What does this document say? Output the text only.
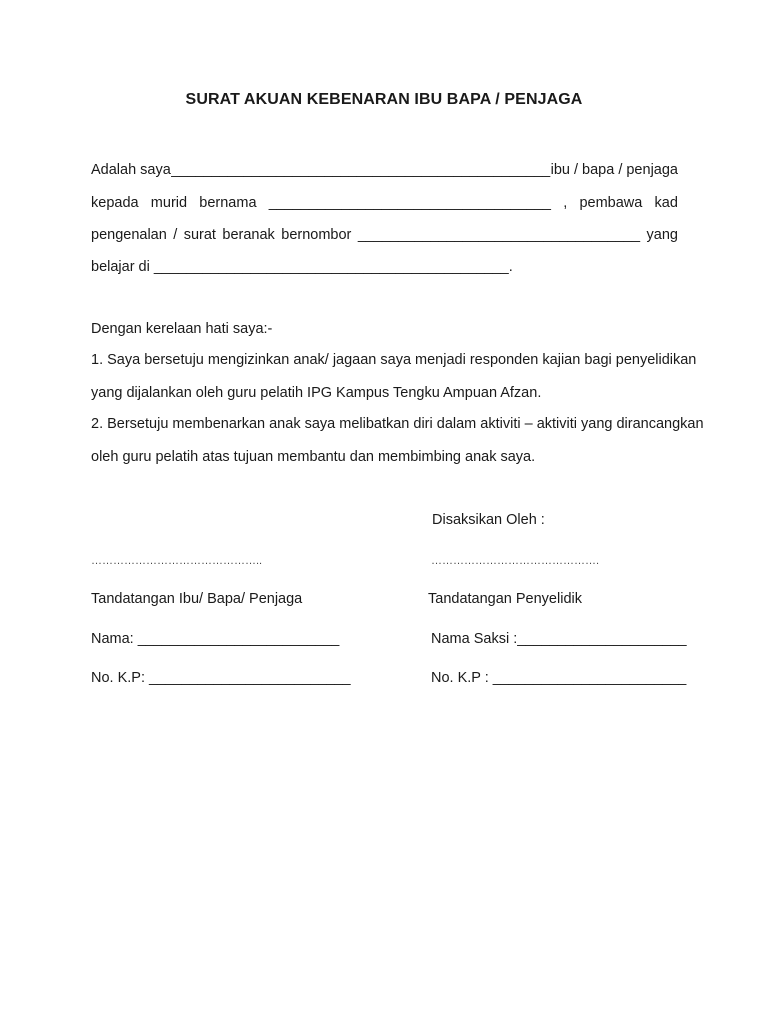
SURAT AKUAN KEBENARAN IBU BAPA / PENJAGA
Adalah saya _______________________________________________ ibu / bapa / penjaga
kepada murid bernama ___________________________________ , pembawa kad
pengenalan / surat beranak bernombor ___________________________________ yang
belajar di ____________________________________________.
Dengan kerelaan hati saya:-
1. Saya bersetuju mengizinkan anak/ jagaan saya menjadi responden kajian bagi penyelidikan
yang dijalankan oleh guru pelatih IPG Kampus Tengku Ampuan Afzan.
2. Bersetuju membenarkan anak saya melibatkan diri dalam aktiviti – aktiviti yang dirancangkan
oleh guru pelatih atas tujuan membantu dan membimbing anak saya.
Disaksikan Oleh :
………………………………………..	……………………………………….
Tandatangan Ibu/ Bapa/ Penjaga	Tandatangan Penyelidik
Nama: _________________________	Nama Saksi :_____________________
No. K.P: _________________________	No. K.P : ________________________
